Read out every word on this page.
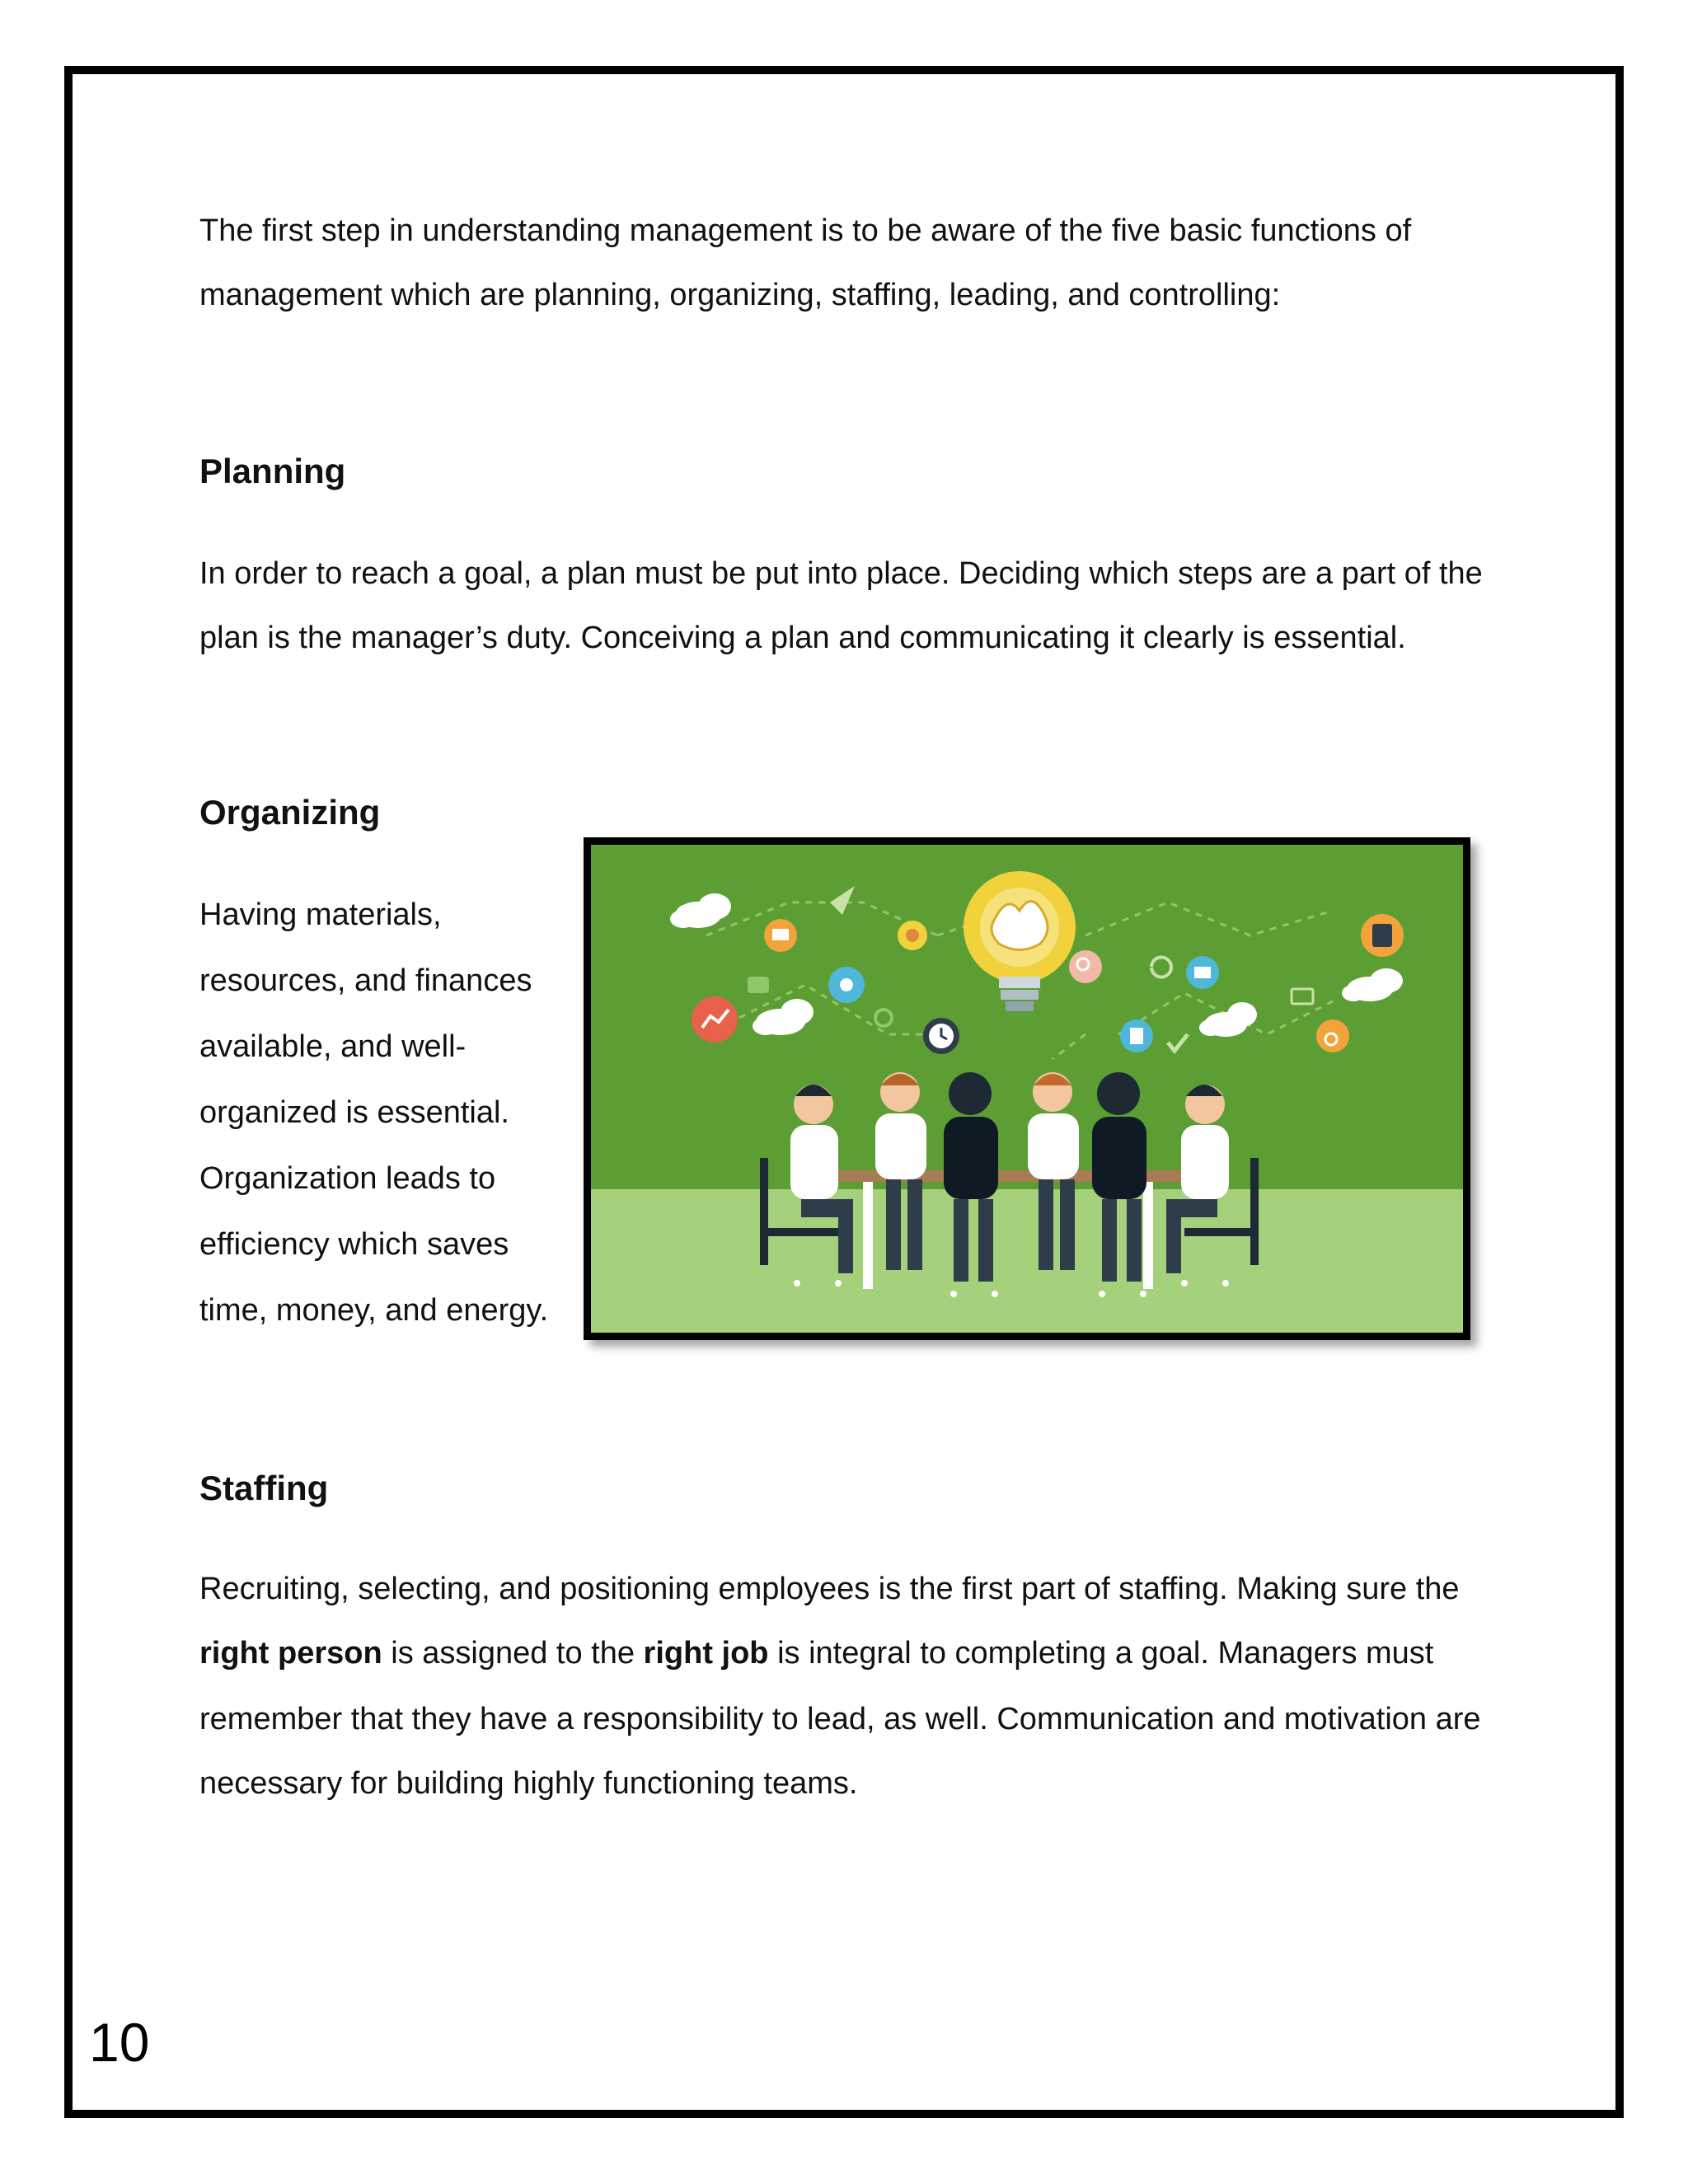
The first step in understanding management is to be aware of the five basic functions of

management which are planning, organizing, staffing, leading, and controlling:

Planning

In order to reach a goal, a plan must be put into place. Deciding which steps are a part of the

plan is the manager’s duty. Conceiving a plan and communicating it clearly is essential.

Organizing
Having materials,
resources, and finances
available, and well-
organized is essential.
Organization leads to
efficiency which saves
time, money, and energy.
Staffing

Recruiting, selecting, and positioning employees is the first part of staffing. Making sure the

right person is assigned to the right job is integral to completing a goal. Managers must

remember that they have a responsibility to lead, as well. Communication and motivation are

necessary for building highly functioning teams.

10
